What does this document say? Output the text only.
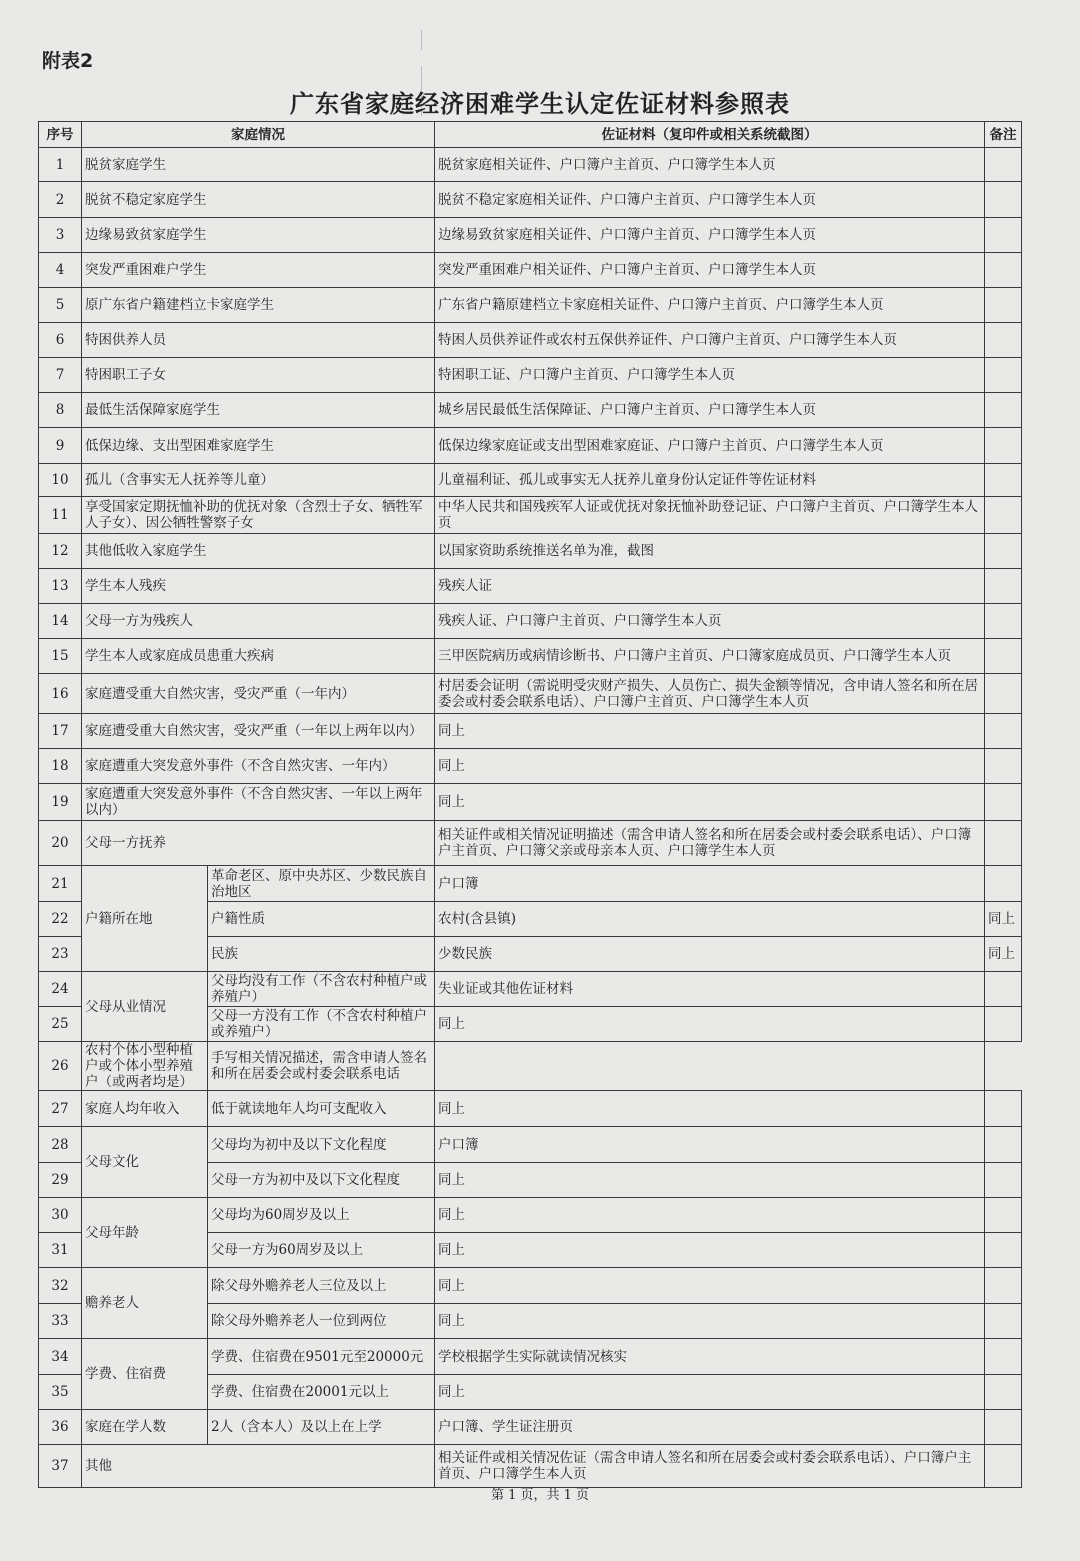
附表2
广东省家庭经济困难学生认定佐证材料参照表
序号	家庭情况		佐证材料（复印件或相关系统截图）	备注	
1	脱贫家庭学生		脱贫家庭相关证件、户口簿户主首页、户口簿学生本人页		
2	脱贫不稳定家庭学生		脱贫不稳定家庭相关证件、户口簿户主首页、户口簿学生本人页		
3	边缘易致贫家庭学生		边缘易致贫家庭相关证件、户口簿户主首页、户口簿学生本人页		
4	突发严重困难户学生		突发严重困难户相关证件、户口簿户主首页、户口簿学生本人页		
5	原广东省户籍建档立卡家庭学生		广东省户籍原建档立卡家庭相关证件、户口簿户主首页、户口簿学生本人页		
6	特困供养人员		特困人员供养证件或农村五保供养证件、户口簿户主首页、户口簿学生本人页		
7	特困职工子女		特困职工证、户口簿户主首页、户口簿学生本人页		
8	最低生活保障家庭学生		城乡居民最低生活保障证、户口簿户主首页、户口簿学生本人页		
9	低保边缘、支出型困难家庭学生		低保边缘家庭证或支出型困难家庭证、户口簿户主首页、户口簿学生本人页		
10	孤儿（含事实无人抚养等儿童）		儿童福利证、孤儿或事实无人抚养儿童身份认定证件等佐证材料		
11	享受国家定期抚恤补助的优抚对象（含烈士子女、牺牲军人子女）、因公牺牲警察子女		中华人民共和国残疾军人证或优抚对象抚恤补助登记证、户口簿户主首页、户口簿学生本人页		
12	其他低收入家庭学生		以国家资助系统推送名单为准，截图		
13	学生本人残疾		残疾人证		
14	父母一方为残疾人		残疾人证、户口簿户主首页、户口簿学生本人页		
15	学生本人或家庭成员患重大疾病		三甲医院病历或病情诊断书、户口簿户主首页、户口簿家庭成员页、户口簿学生本人页		
16	家庭遭受重大自然灾害，受灾严重（一年内）		村居委会证明（需说明受灾财产损失、人员伤亡、损失金额等情况，含申请人签名和所在居委会或村委会联系电话）、户口簿户主首页、户口簿学生本人页		
17	家庭遭受重大自然灾害，受灾严重（一年以上两年以内）		同上		
18	家庭遭重大突发意外事件（不含自然灾害、一年内）		同上		
19	家庭遭重大突发意外事件（不含自然灾害、一年以上两年以内）		同上		
20	父母一方抚养		相关证件或相关情况证明描述（需含申请人签名和所在居委会或村委会联系电话）、户口簿户主首页、户口簿父亲或母亲本人页、户口簿学生本人页		
21	户籍所在地	革命老区、原中央苏区、少数民族自治地区	户口簿		
22		户籍性质	农村(含县镇)	同上	
23		民族	少数民族	同上	
24	父母从业情况	父母均没有工作（不含农村种植户或养殖户）	失业证或其他佐证材料		
25		父母一方没有工作（不含农村种植户或养殖户）	同上		
26	农村个体小型种植户或个体小型养殖户（或两者均是）	手写相关情况描述，需含申请人签名和所在居委会或村委会联系电话			
27	家庭人均年收入	低于就读地年人均可支配收入	同上		
28	父母文化	父母均为初中及以下文化程度	户口簿		
29		父母一方为初中及以下文化程度	同上		
30	父母年龄	父母均为60周岁及以上	同上		
31		父母一方为60周岁及以上	同上		
32	赡养老人	除父母外赡养老人三位及以上	同上		
33		除父母外赡养老人一位到两位	同上		
34	学费、住宿费	学费、住宿费在9501元至20000元	学校根据学生实际就读情况核实		
35		学费、住宿费在20001元以上	同上		
36	家庭在学人数	2人（含本人）及以上在上学	户口簿、学生证注册页		
37	其他		相关证件或相关情况佐证（需含申请人签名和所在居委会或村委会联系电话）、户口簿户主首页、户口簿学生本人页		
第 1 页，共 1 页
